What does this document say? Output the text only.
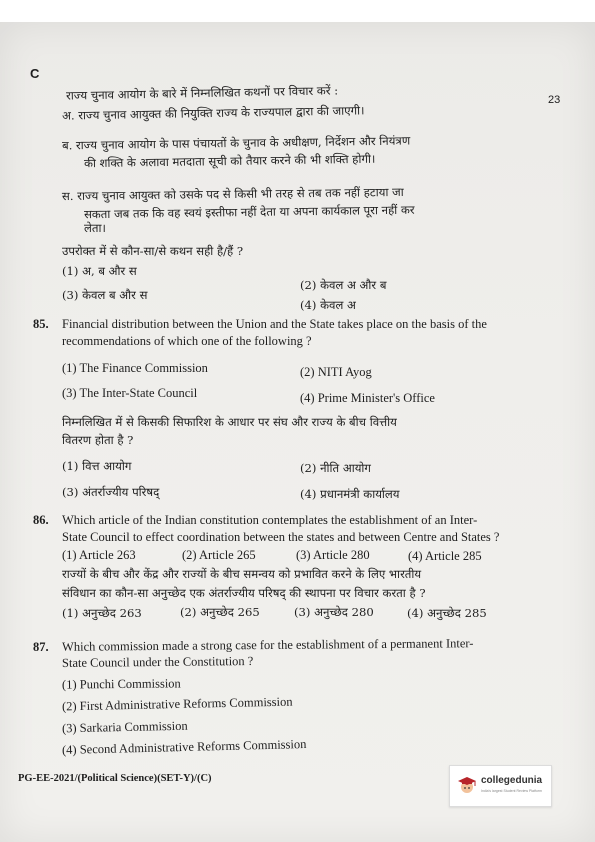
C
23
राज्य चुनाव आयोग के बारे में निम्नलिखित कथनों पर विचार करें :
अ. राज्य चुनाव आयुक्त की नियुक्ति राज्य के राज्यपाल द्वारा की जाएगी।
ब. राज्य चुनाव आयोग के पास पंचायतों के चुनाव के अधीक्षण, निर्देशन और नियंत्रण
की शक्ति के अलावा मतदाता सूची को तैयार करने की भी शक्ति होगी।
स. राज्य चुनाव आयुक्त को उसके पद से किसी भी तरह से तब तक नहीं हटाया जा
सकता जब तक कि वह स्वयं इस्तीफा नहीं देता या अपना कार्यकाल पूरा नहीं कर
लेता।
उपरोक्त में से कौन-सा/से कथन सही है/हैं ?
(1) अ, ब और स
(2) केवल अ और ब
(3) केवल ब और स
(4) केवल अ
85. Financial distribution between the Union and the State takes place on the basis of the
recommendations of which one of the following ?
(1) The Finance Commission	(2) NITI Ayog
(3) The Inter-State Council	(4) Prime Minister's Office
निम्नलिखित में से किसकी सिफारिश के आधार पर संघ और राज्य के बीच वित्तीय
वितरण होता है ?
(1) वित्त आयोग	(2) नीति आयोग
(3) अंतर्राज्यीय परिषद्	(4) प्रधानमंत्री कार्यालय
86. Which article of the Indian constitution contemplates the establishment of an Inter-
State Council to effect coordination between the states and between Centre and States ?
(1) Article 263	(2) Article 265	(3) Article 280	(4) Article 285
राज्यों के बीच और केंद्र और राज्यों के बीच समन्वय को प्रभावित करने के लिए भारतीय
संविधान का कौन-सा अनुच्छेद एक अंतर्राज्यीय परिषद् की स्थापना पर विचार करता है ?
(1) अनुच्छेद 263	(2) अनुच्छेद 265	(3) अनुच्छेद 280	(4) अनुच्छेद 285
87. Which commission made a strong case for the establishment of a permanent Inter-
State Council under the Constitution ?
(1) Punchi Commission
(2) First Administrative Reforms Commission
(3) Sarkaria Commission
(4) Second Administrative Reforms Commission
PG-EE-2021/(Political Science)(SET-Y)/(C)	collegedunia
India's largest Student Review Platform
